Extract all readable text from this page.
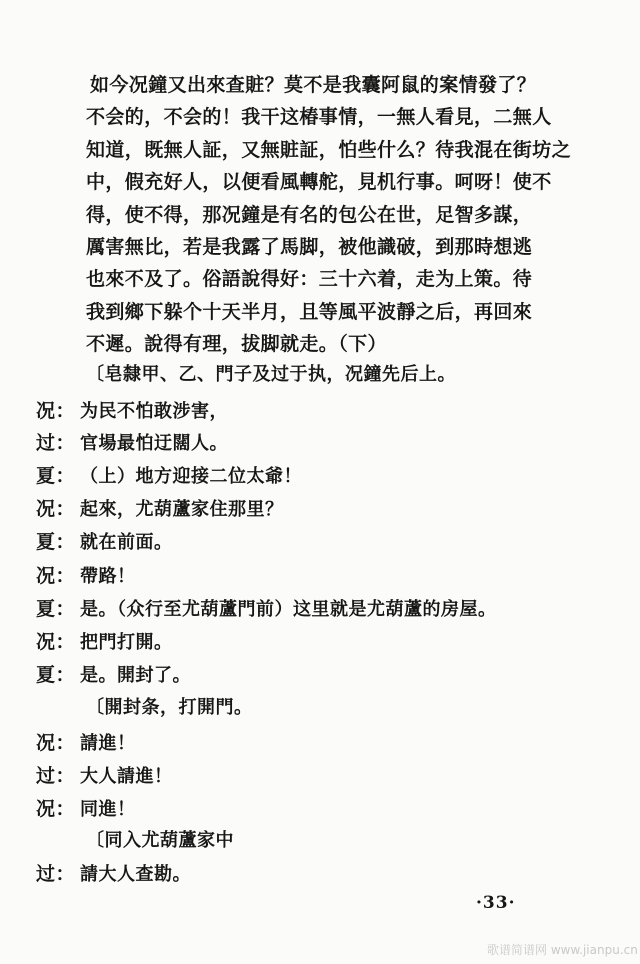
如今况鐘又出來查賍？莫不是我囊阿鼠的案情發了？
不会的，不会的！我干这椿事情，一無人看見，二無人
知道，既無人証，又無賍証，怕些什么？待我混在街坊之
中，假充好人，以便看風轉舵，見机行事。呵呀！使不
得，使不得，那况鐘是有名的包公在世，足智多謀，
厲害無比，若是我露了馬脚，被他識破，到那時想逃
也來不及了。俗語說得好：三十六着，走为上策。待
我到鄉下躲个十天半月，且等風平波靜之后，再回來
不遲。說得有理，拔脚就走。（下）
〔皂隸甲、乙、門子及过于执，况鐘先后上。
况： 为民不怕敢涉害，
过： 官場最怕迂闊人。
夏： （上）地方迎接二位太爺！
况： 起來，尤葫蘆家住那里？
夏： 就在前面。
况： 帶路！
夏： 是。（众行至尤葫蘆門前）这里就是尤葫蘆的房屋。
况： 把門打開。
夏： 是。開封了。
〔開封条，打開門。
况： 請進！
过： 大人請進！
况： 同進！
〔同入尤葫蘆家中
过： 請大人查勘。
·33·
歌谱简谱网 www.jianpu.cn
